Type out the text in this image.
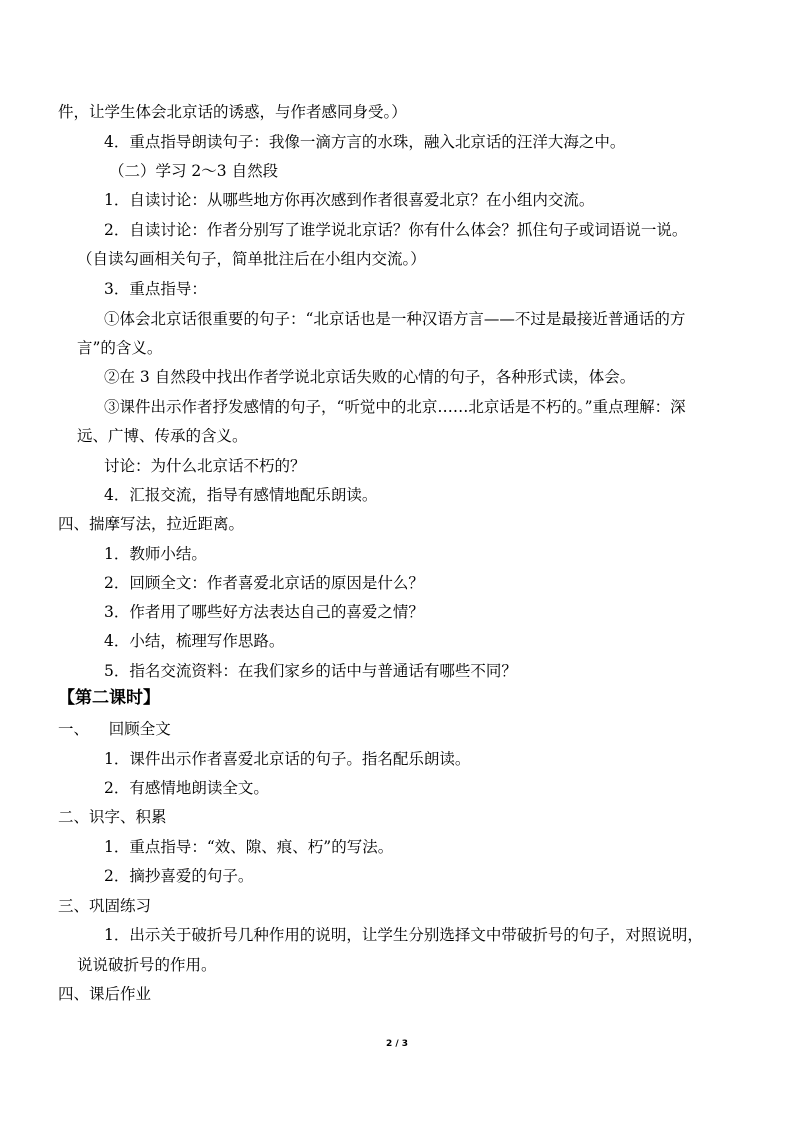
件，让学生体会北京话的诱惑，与作者感同身受。）
4．重点指导朗读句子：我像一滴方言的水珠，融入北京话的汪洋大海之中。
（二）学习 2～3 自然段
1．自读讨论：从哪些地方你再次感到作者很喜爱北京？在小组内交流。
2．自读讨论：作者分别写了谁学说北京话？你有什么体会？抓住句子或词语说一说。
（自读勾画相关句子，简单批注后在小组内交流。）
3．重点指导：
①体会北京话很重要的句子：“北京话也是一种汉语方言——不过是最接近普通话的方
言”的含义。
②在 3 自然段中找出作者学说北京话失败的心情的句子，各种形式读，体会。
③课件出示作者抒发感情的句子，“听觉中的北京……北京话是不朽的。”重点理解：深
远、广博、传承的含义。
讨论：为什么北京话不朽的？
4．汇报交流，指导有感情地配乐朗读。
四、揣摩写法，拉近距离。
1．教师小结。
2．回顾全文：作者喜爱北京话的原因是什么？
3．作者用了哪些好方法表达自己的喜爱之情？
4．小结，梳理写作思路。
5．指名交流资料：在我们家乡的话中与普通话有哪些不同？
【第二课时】
一、    回顾全文
1．课件出示作者喜爱北京话的句子。指名配乐朗读。
2．有感情地朗读全文。
二、识字、积累
1．重点指导：“效、隙、痕、朽”的写法。
2．摘抄喜爱的句子。
三、巩固练习
1．出示关于破折号几种作用的说明，让学生分别选择文中带破折号的句子，对照说明，
说说破折号的作用。
四、课后作业
2 / 3
